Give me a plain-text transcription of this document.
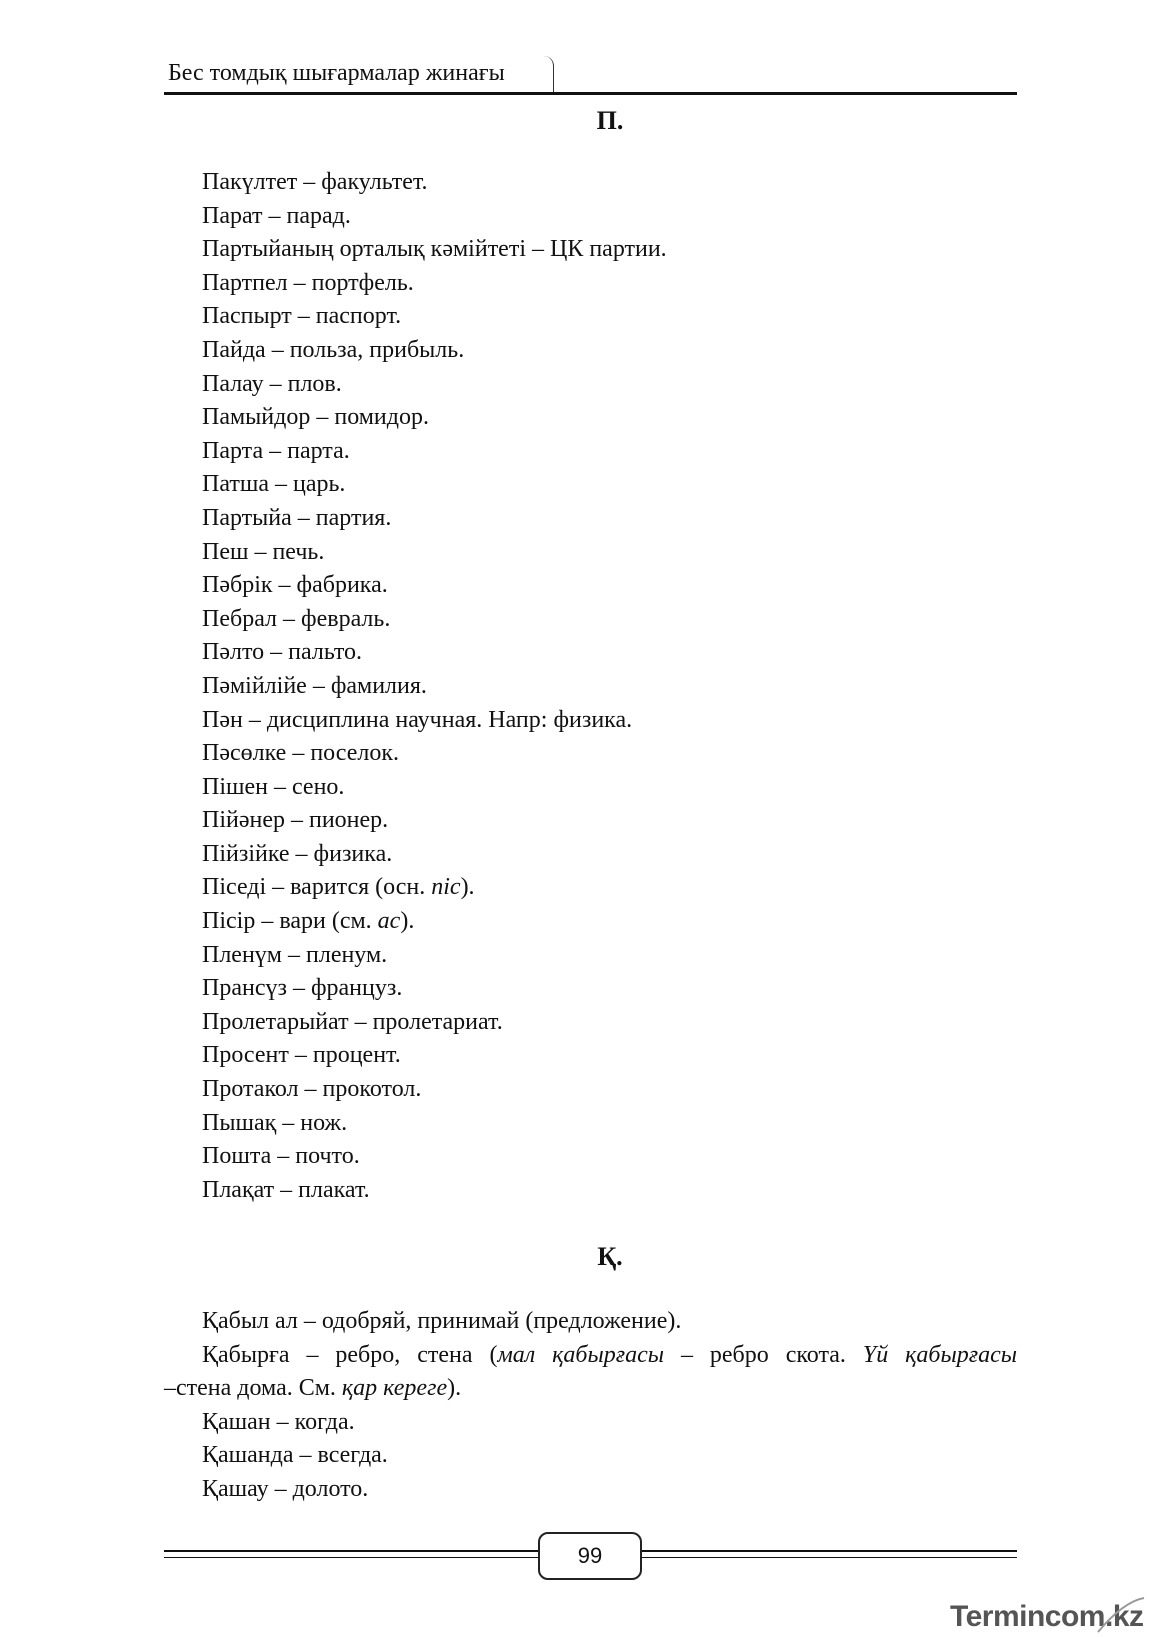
Бес томдық шығармалар жинағы
П.
Пакүлтет – факультет.
Парат – парад.
Партыйаның орталық кәмійтеті – ЦК партии.
Партпел – портфель.
Паспырт – паспорт.
Пайда – польза, прибыль.
Палау – плов.
Памыйдор – помидор.
Парта – парта.
Патша – царь.
Партыйа – партия.
Пеш – печь.
Пәбрік – фабрика.
Пебрал – февраль.
Пәлто – пальто.
Пәмійлійе – фамилия.
Пән – дисциплина научная. Напр: физика.
Пәсөлке – поселок.
Пішен – сено.
Пійәнер – пионер.
Пійзійке – физика.
Піседі – варится (осн. піс).
Пісір – вари (см. ас).
Пленүм – пленум.
Прансүз – француз.
Пролетарыйат – пролетариат.
Просент – процент.
Протакол – прокотол.
Пышақ – нож.
Пошта – почто.
Плақат – плакат.
Қ.
Қабыл ал – одобряй, принимай (предложение).
Қабырға – ребро, стена (мал қабырғасы – ребро скота. Үй қабырғасы
–стена дома. См. қар кереге).
Қашан – когда.
Қашанда – всегда.
Қашау – долото.
99
Termincom.kz
